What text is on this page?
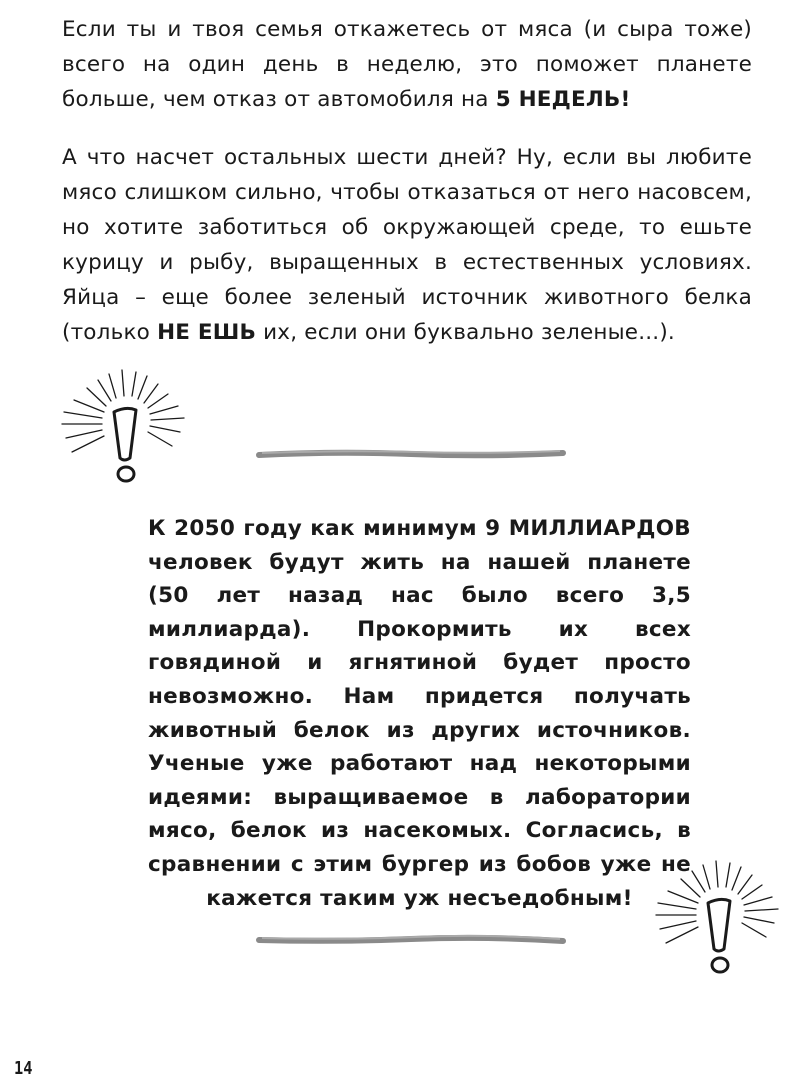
Если ты и твоя семья откажетесь от мяса (и сыра тоже) всего на один день в неделю, это поможет планете больше, чем отказ от автомобиля на 5 НЕДЕЛЬ!
А что насчет остальных шести дней? Ну, если вы любите мясо слишком сильно, чтобы отказаться от него насовсем, но хотите заботиться об окружающей среде, то ешьте курицу и рыбу, выращенных в естественных условиях. Яйца – еще более зеленый источник животного белка (только НЕ ЕШЬ их, если они буквально зеленые...).
К 2050 году как минимум 9 МИЛЛИАРДОВ человек будут жить на нашей планете (50 лет назад нас было всего 3,5 миллиарда). Прокормить их всех говядиной и ягнятиной будет просто невозможно. Нам придется получать животный белок из других источников. Ученые уже работают над некоторыми идеями: выращиваемое в лаборатории мясо, белок из насекомых. Согласись, в сравнении с этим бургер из бобов уже не кажется таким уж несъедобным!
14
